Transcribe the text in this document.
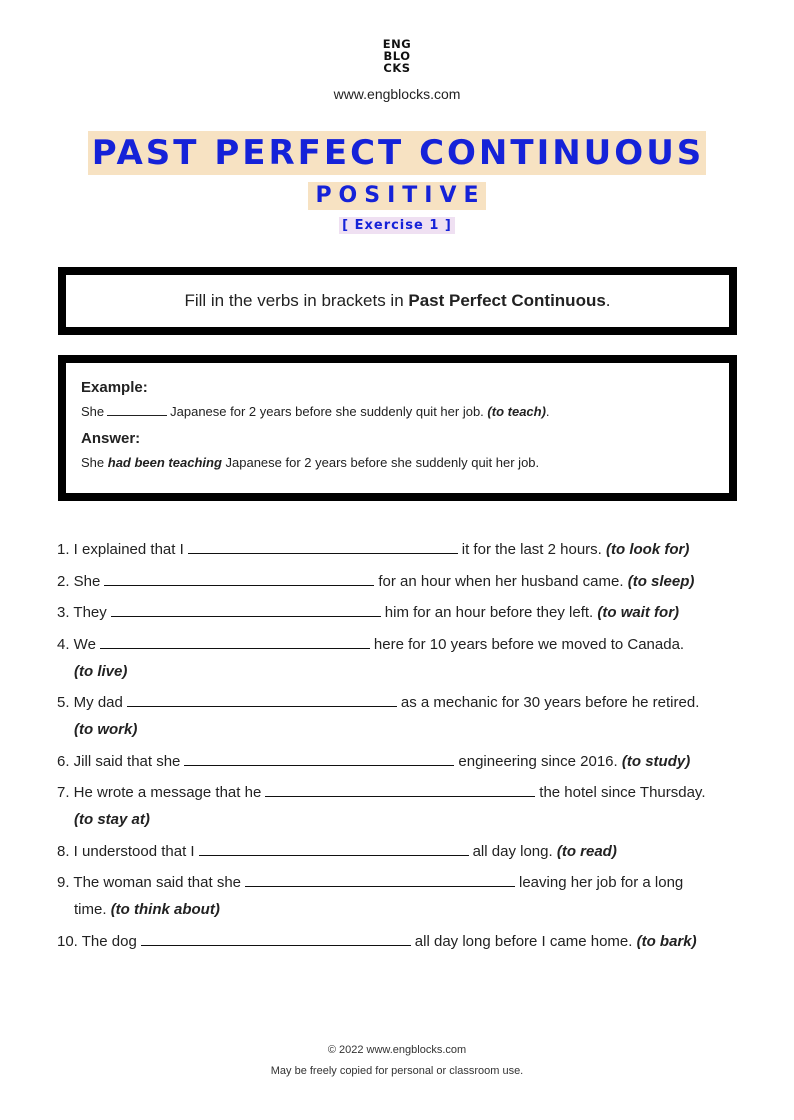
ENG
BLO
CKS
www.engblocks.com
PAST PERFECT CONTINUOUS
POSITIVE
[ Exercise 1 ]
Fill in the verbs in brackets in Past Perfect Continuous.
Example:
She	Japanese for 2 years before she suddenly quit her job. (to teach).
Answer:
She had been teaching Japanese for 2 years before she suddenly quit her job.
1. I explained that I	it for the last 2 hours. (to look for)
2. She	for an hour when her husband came. (to sleep)
3. They	him for an hour before they left. (to wait for)
4. We	here for 10 years before we moved to Canada.
(to live)
5. My dad	as a mechanic for 30 years before he retired.
(to work)
6. Jill said that she	engineering since 2016. (to study)
7. He wrote a message that he	the hotel since Thursday.
(to stay at)
8. I understood that I	all day long. (to read)
9. The woman said that she	leaving her job for a long
time. (to think about)
10. The dog	all day long before I came home. (to bark)
© 2022 www.engblocks.com
May be freely copied for personal or classroom use.
